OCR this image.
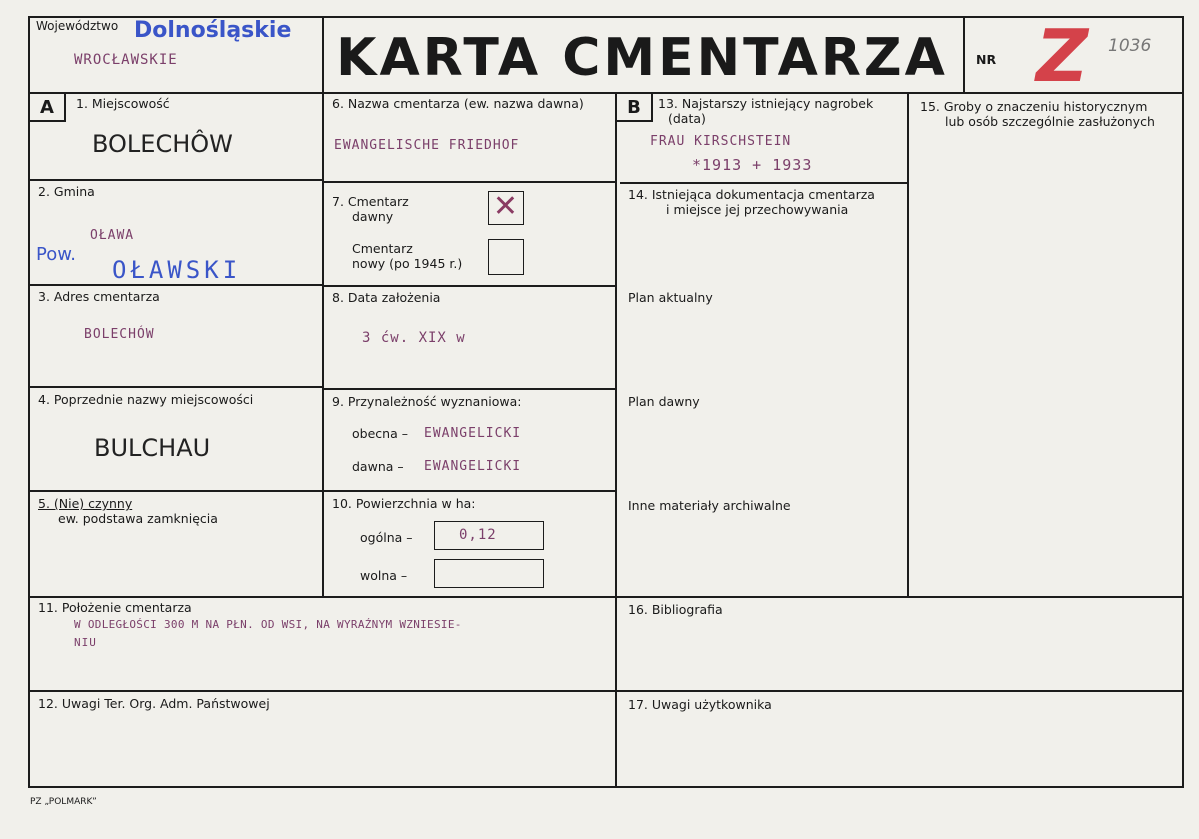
Województwo Dolnośląskie
WROCŁAWSKIE	KARTA CMENTARZA	NR Z 1036
A	B
1. Miejscowość
BOLECHÔW
2. Gmina
OŁAWA
Pow.
OŁAWSKI
3. Adres cmentarza
BOLECHÓW
4. Poprzednie nazwy miejscowości
BULCHAU
5. (Nie) czynny
ew. podstawa zamknięcia
6. Nazwa cmentarza (ew. nazwa dawna)
EWANGELISCHE FRIEDHOF
7. Cmentarz
dawny	✕
Cmentarz
nowy (po 1945 r.)
8. Data założenia
3 ćw. XIX w
9. Przynależność wyznaniowa:
obecna – EWANGELICKI
dawna – EWANGELICKI
10. Powierzchnia w ha:
ogólna –	0,12
wolna –
13. Najstarszy istniejący nagrobek
(data)
FRAU KIRSCHSTEIN
*1913 + 1933
14. Istniejąca dokumentacja cmentarza
i miejsce jej przechowywania
Plan aktualny
Plan dawny
Inne materiały archiwalne
15. Groby o znaczeniu historycznym
lub osób szczególnie zasłużonych
11. Położenie cmentarza
W ODLEGŁOŚCI 300 M NA PŁN. OD WSI, NA WYRAŹNYM WZNIESIE-
NIU
16. Bibliografia
12. Uwagi Ter. Org. Adm. Państwowej	17. Uwagi użytkownika
PZ „POLMARK”
